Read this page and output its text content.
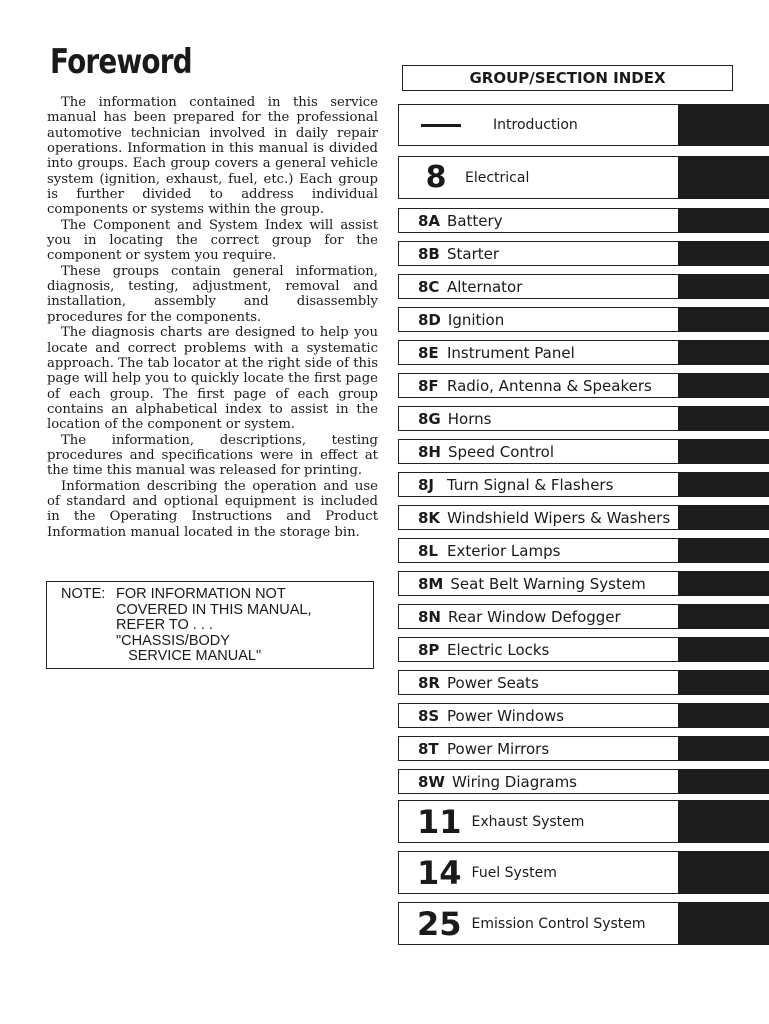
Foreword

The information contained in this service manual has been prepared for the professional automotive technician involved in daily repair operations. Information in this manual is divided into groups. Each group covers a general vehicle system (ignition, exhaust, fuel, etc.) Each group is further divided to address individual components or systems within the group.

The Component and System Index will assist you in locating the correct group for the component or system you require.

These groups contain general information, diagnosis, testing, adjustment, removal and installation, assembly and disassembly procedures for the components.

The diagnosis charts are designed to help you locate and correct problems with a systematic approach. The tab locator at the right side of this page will help you to quickly locate the first page of each group. The first page of each group contains an alphabetical index to assist in the location of the component or system.

The information, descriptions, testing procedures and specifications were in effect at the time this manual was released for printing.

Information describing the operation and use of standard and optional equipment is included in the Operating Instructions and Product Information manual located in the storage bin.

NOTE: FOR INFORMATION NOT
COVERED IN THIS MANUAL,
REFER TO . . .
"CHASSIS/BODY
SERVICE MANUAL"
GROUP/SECTION INDEX
Introduction
8	Electrical
8A Battery
8B Starter
8C Alternator
8D Ignition
8E Instrument Panel
8F Radio, Antenna & Speakers
8G Horns
8H Speed Control
8J Turn Signal & Flashers
8K Windshield Wipers & Washers
8L Exterior Lamps
8M Seat Belt Warning System
8N Rear Window Defogger
8P Electric Locks
8R Power Seats
8S Power Windows
8T Power Mirrors
8W Wiring Diagrams
11 Exhaust System
14 Fuel System
25 Emission Control System
